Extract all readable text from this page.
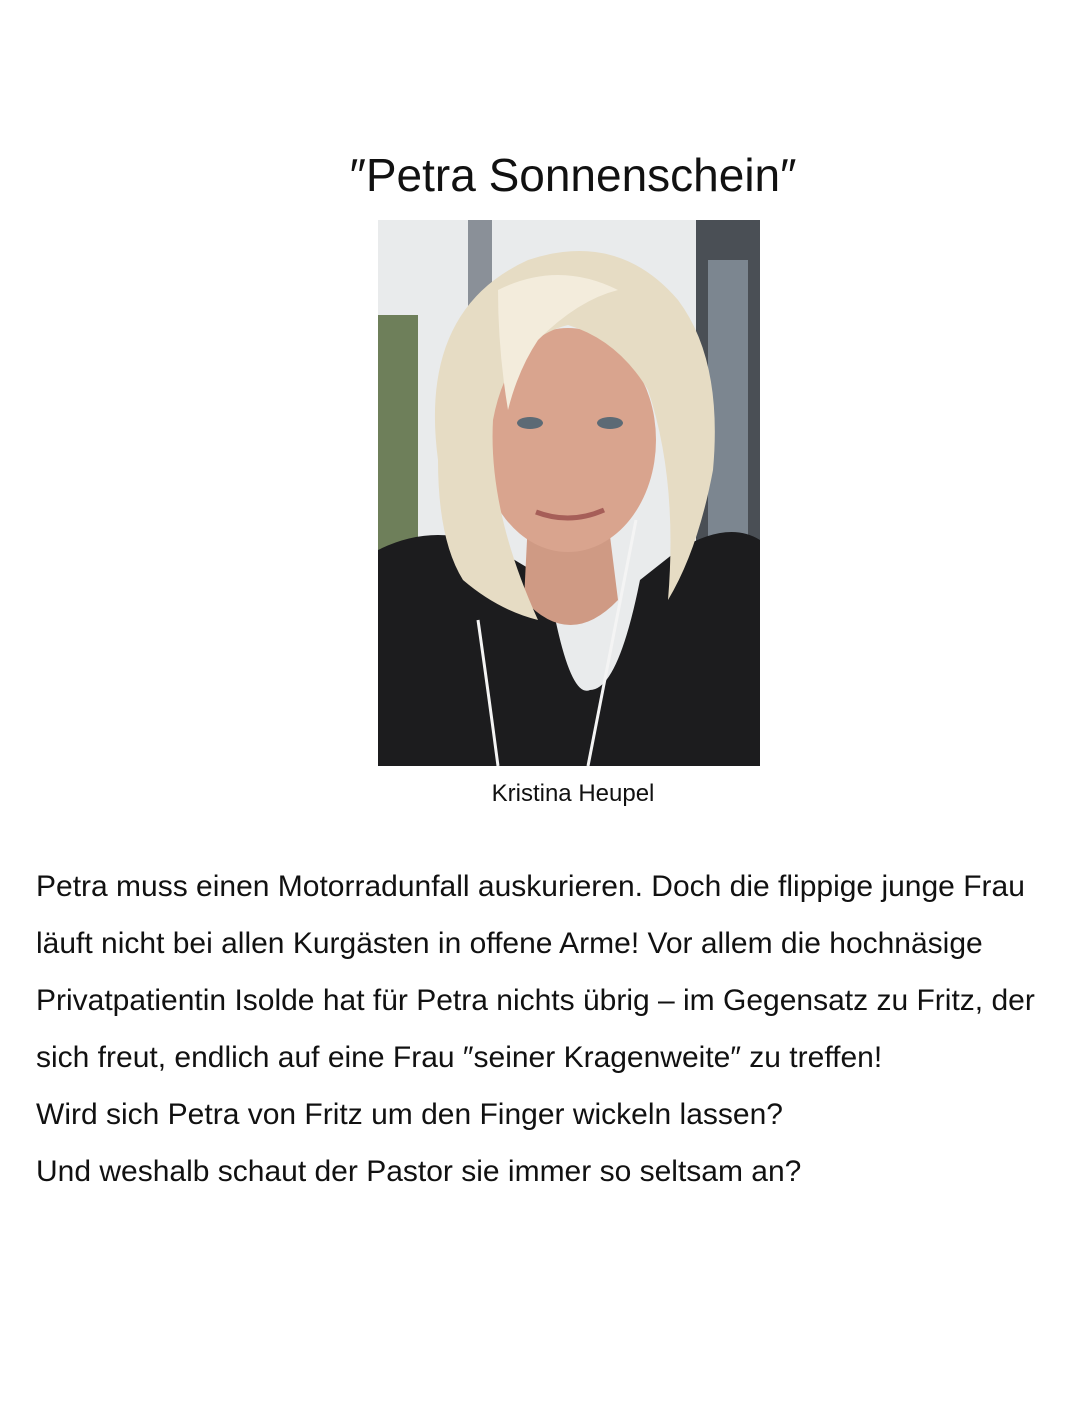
″Petra Sonnenschein″
Kristina Heupel

Petra muss einen Motorradunfall auskurieren. Doch die flippige junge Frau läuft nicht bei allen Kurgästen in offene Arme! Vor allem die hochnäsige Privatpatientin Isolde hat für Petra nichts übrig – im Gegensatz zu Fritz, der sich freut, endlich auf eine Frau ″seiner Kragenweite″ zu treffen!

Wird sich Petra von Fritz um den Finger wickeln lassen?

Und weshalb schaut der Pastor sie immer so seltsam an?
